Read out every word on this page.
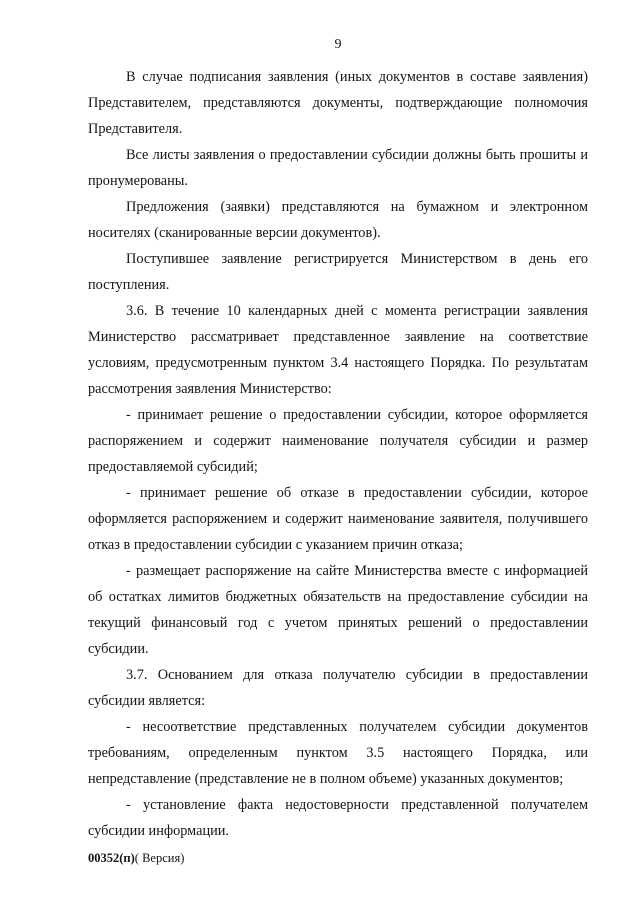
9

В случае подписания заявления (иных документов в составе заявления) Представителем, представляются документы, подтверждающие полномочия Представителя.

Все листы заявления о предоставлении субсидии должны быть прошиты и пронумерованы.

Предложения (заявки) представляются на бумажном и электронном носителях (сканированные версии документов).

Поступившее заявление регистрируется Министерством в день его поступления.

3.6. В течение 10 календарных дней с момента регистрации заявления Министерство рассматривает представленное заявление на соответствие условиям, предусмотренным пунктом 3.4 настоящего Порядка. По результатам рассмотрения заявления Министерство:

- принимает решение о предоставлении субсидии, которое оформляется распоряжением и содержит наименование получателя субсидии и размер предоставляемой субсидий;

- принимает решение об отказе в предоставлении субсидии, которое оформляется распоряжением и содержит наименование заявителя, получившего отказ в предоставлении субсидии с указанием причин отказа;

- размещает распоряжение на сайте Министерства вместе с информацией об остатках лимитов бюджетных обязательств на предоставление субсидии на текущий финансовый год с учетом принятых решений о предоставлении субсидии.

3.7. Основанием для отказа получателю субсидии в предоставлении субсидии является:

- несоответствие представленных получателем субсидии документов требованиям, определенным пунктом 3.5 настоящего Порядка, или непредставление (представление не в полном объеме) указанных документов;

- установление факта недостоверности представленной получателем субсидии информации.

00352(п)( Версия)
